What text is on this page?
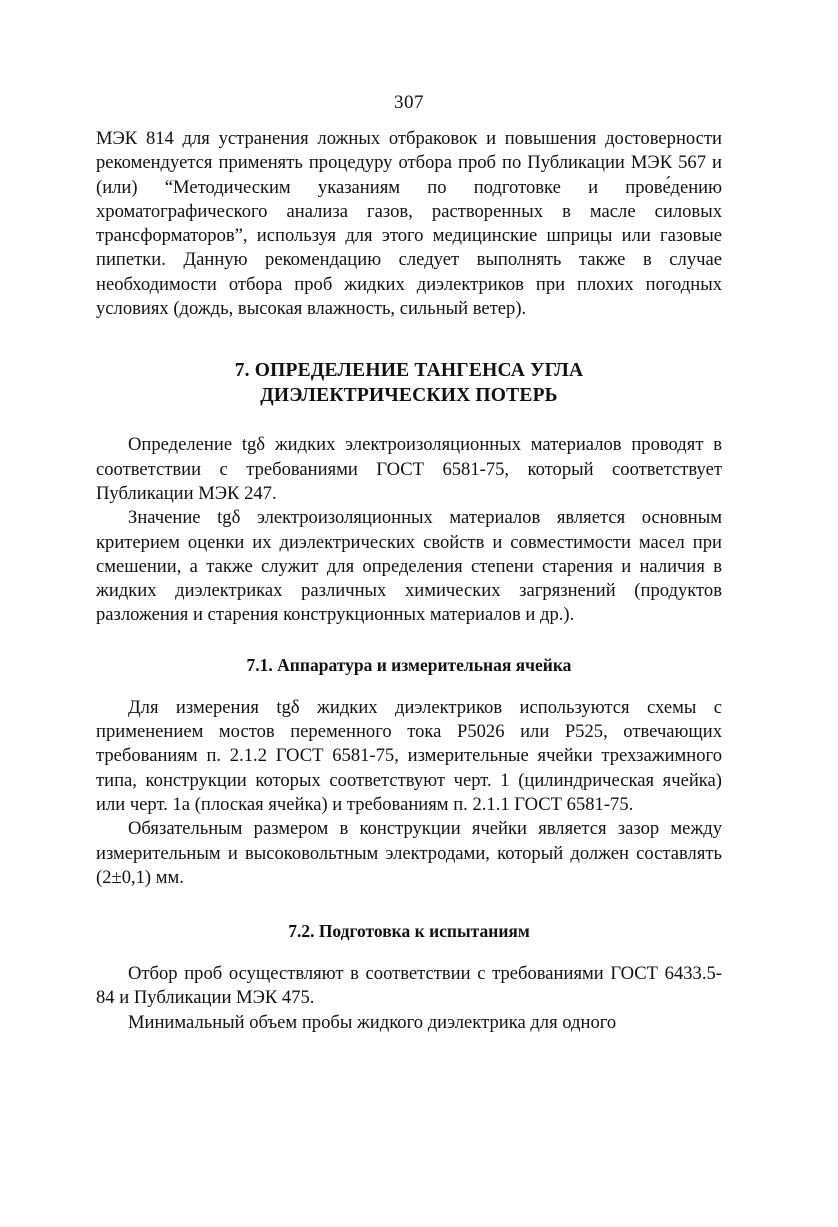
307

МЭК 814 для устранения ложных отбраковок и повышения достоверности рекомендуется применять процедуру отбора проб по Публикации МЭК 567 и (или) “Методическим указаниям по подготовке и прове́дению хроматографического анализа газов, растворенных в масле силовых трансформаторов”, используя для этого медицинские шприцы или газовые пипетки. Данную рекомендацию следует выполнять также в случае необходимости отбора проб жидких диэлектриков при плохих погодных условиях (дождь, высокая влажность, сильный ветер).

7. ОПРЕДЕЛЕНИЕ ТАНГЕНСА УГЛА
ДИЭЛЕКТРИЧЕСКИХ ПОТЕРЬ

Определение tgδ жидких электроизоляционных материалов проводят в соответствии с требованиями ГОСТ 6581-75, который соответствует Публикации МЭК 247.

Значение tgδ электроизоляционных материалов является основным критерием оценки их диэлектрических свойств и совместимости масел при смешении, а также служит для определения степени старения и наличия в жидких диэлектриках различных химических загрязнений (продуктов разложения и старения конструкционных материалов и др.).

7.1. Аппаратура и измерительная ячейка

Для измерения tgδ жидких диэлектриков используются схемы с применением мостов переменного тока Р5026 или Р525, отвечающих требованиям п. 2.1.2 ГОСТ 6581-75, измерительные ячейки трехзажимного типа, конструкции которых соответствуют черт. 1 (цилиндрическая ячейка) или черт. 1а (плоская ячейка) и требованиям п. 2.1.1 ГОСТ 6581-75.

Обязательным размером в конструкции ячейки является зазор между измерительным и высоковольтным электродами, который должен составлять (2±0,1) мм.

7.2. Подготовка к испытаниям

Отбор проб осуществляют в соответствии с требованиями ГОСТ 6433.5-84 и Публикации МЭК 475.

Минимальный объем пробы жидкого диэлектрика для одного
